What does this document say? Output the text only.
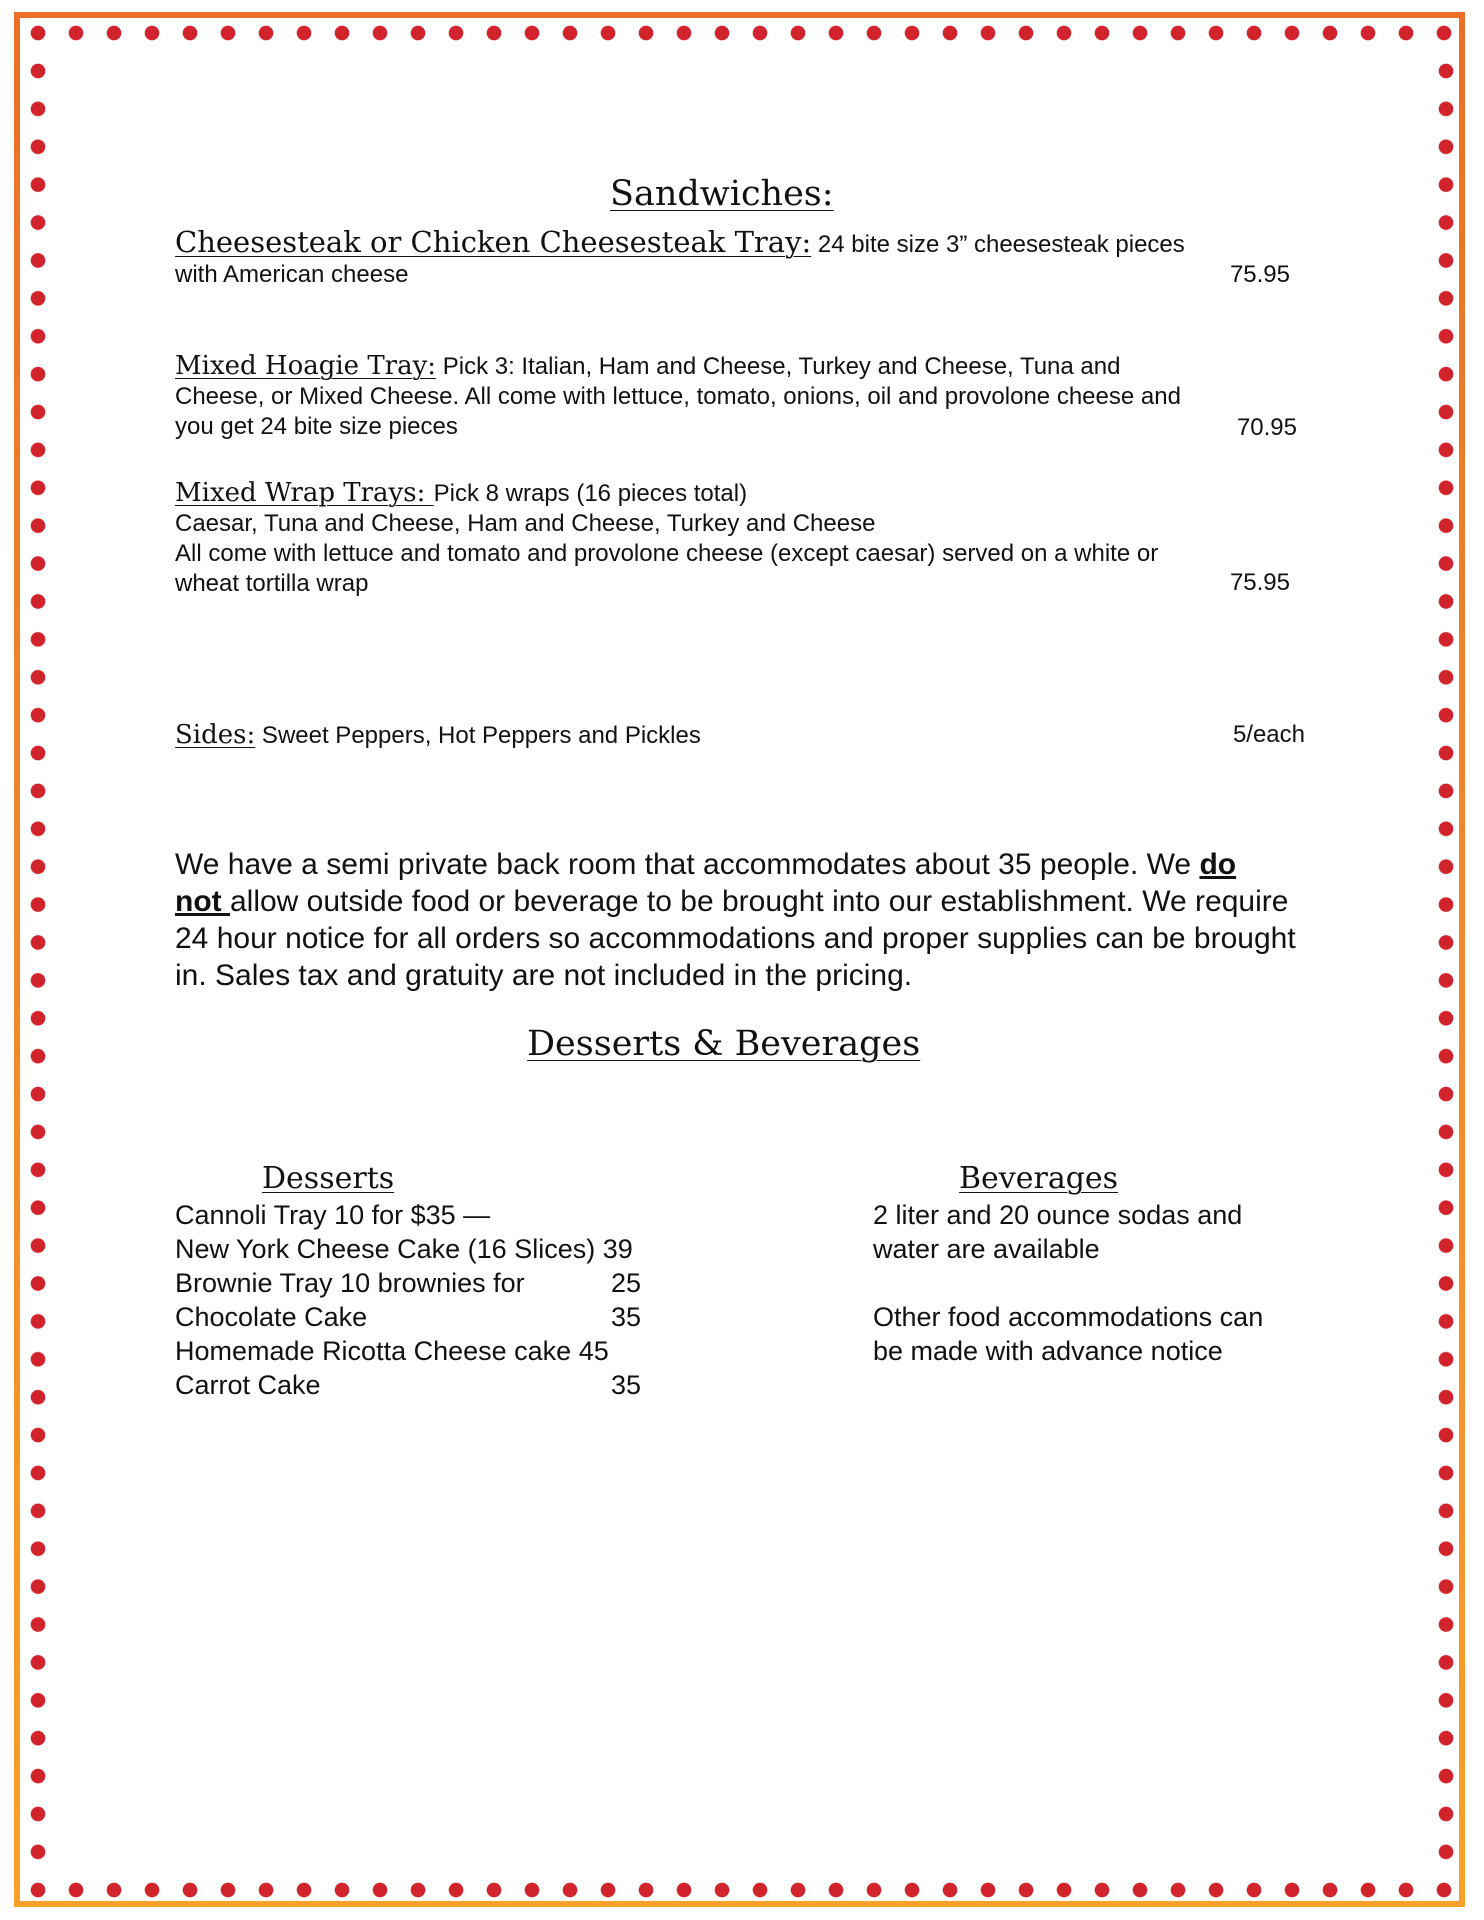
Sandwiches:
Cheesesteak or Chicken Cheesesteak Tray: 24 bite size 3” cheesesteak pieces
with American cheese	75.95
Mixed Hoagie Tray: Pick 3: Italian, Ham and Cheese, Turkey and Cheese, Tuna and
Cheese, or Mixed Cheese. All come with lettuce, tomato, onions, oil and provolone cheese and
you get 24 bite size pieces	70.95
Mixed Wrap Trays: Pick 8 wraps (16 pieces total)
Caesar, Tuna and Cheese, Ham and Cheese, Turkey and Cheese
All come with lettuce and tomato and provolone cheese (except caesar) served on a white or
wheat tortilla wrap	75.95
Sides: Sweet Peppers, Hot Peppers and Pickles	5/each
We have a semi private back room that accommodates about 35 people. We do
not allow outside food or beverage to be brought into our establishment. We require 24 hour notice for all orders so accommodations and proper supplies can be brought in. Sales tax and gratuity are not included in the pricing.
Desserts & Beverages
Desserts
Cannoli Tray 10 for $35 —
New York Cheese Cake (16 Slices) 39
Brownie Tray 10 brownies for	25
Chocolate Cake	35
Homemade Ricotta Cheese cake 45
Carrot Cake	35
Beverages
2 liter and 20 ounce sodas and
water are available
Other food accommodations can
be made with advance notice
